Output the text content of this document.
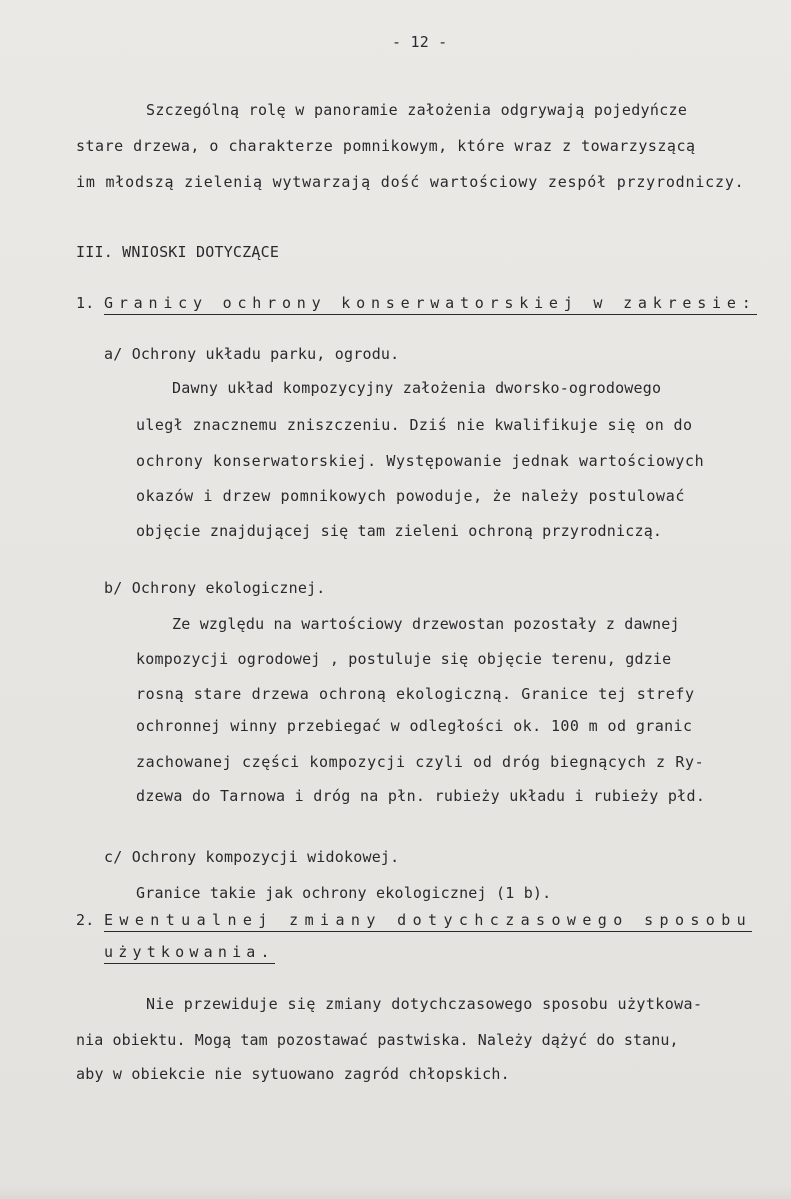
- 12 -
Szczególną rolę w panoramie założenia odgrywają pojedyńcze
stare drzewa, o charakterze pomnikowym, które wraz z towarzyszącą
im młodszą zielenią wytwarzają dość wartościowy zespół przyrodniczy.
III. WNIOSKI DOTYCZĄCE
1. Granicy ochrony konserwatorskiej w zakresie:
a/ Ochrony układu parku, ogrodu.
Dawny układ kompozycyjny założenia dworsko-ogrodowego
uległ znacznemu zniszczeniu. Dziś nie kwalifikuje się on do
ochrony konserwatorskiej. Występowanie jednak wartościowych
okazów i drzew pomnikowych powoduje, że należy postulować
objęcie znajdującej się tam zieleni ochroną przyrodniczą.
b/ Ochrony ekologicznej.
Ze względu na wartościowy drzewostan pozostały z dawnej
kompozycji ogrodowej , postuluje się objęcie terenu, gdzie
rosną stare drzewa ochroną ekologiczną. Granice tej strefy
ochronnej winny przebiegać w odległości ok. 100 m od granic
zachowanej części kompozycji czyli od dróg biegnących z Ry-
dzewa do Tarnowa i dróg na płn. rubieży układu i rubieży płd.
c/ Ochrony kompozycji widokowej.
Granice takie jak ochrony ekologicznej (1 b).
2. Ewentualnej zmiany dotychczasowego sposobu
użytkowania.
Nie przewiduje się zmiany dotychczasowego sposobu użytkowa-
nia obiektu. Mogą tam pozostawać pastwiska. Należy dążyć do stanu,
aby w obiekcie nie sytuowano zagród chłopskich.
